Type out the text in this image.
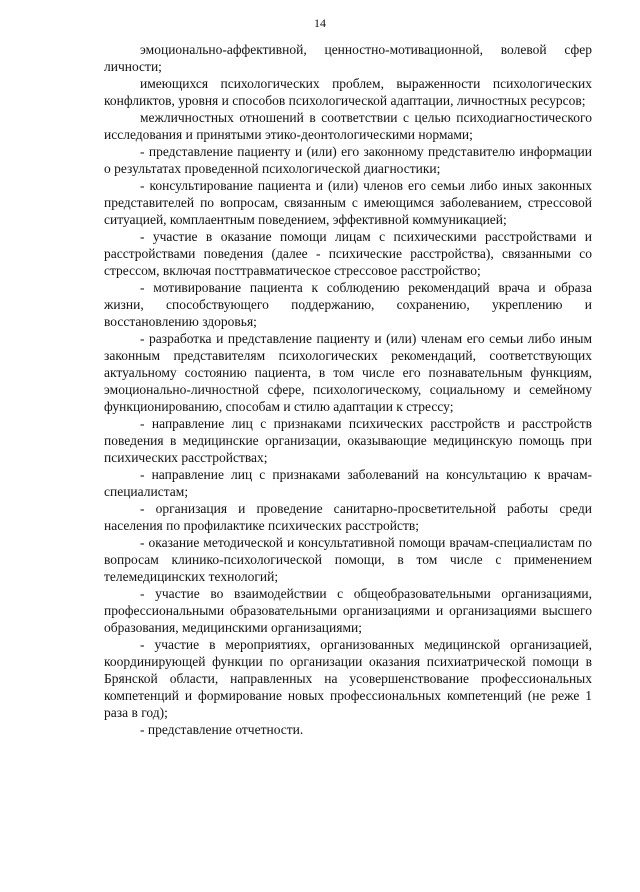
14

эмоционально-аффективной, ценностно-мотивационной, волевой сфер личности;

имеющихся психологических проблем, выраженности психологических конфликтов, уровня и способов психологической адаптации, личностных ресурсов;

межличностных отношений в соответствии с целью психодиагностического исследования и принятыми этико-деонтологическими нормами;

- представление пациенту и (или) его законному представителю информации о результатах проведенной психологической диагностики;

- консультирование пациента и (или) членов его семьи либо иных законных представителей по вопросам, связанным с имеющимся заболеванием, стрессовой ситуацией, комплаентным поведением, эффективной коммуникацией;

- участие в оказание помощи лицам с психическими расстройствами и расстройствами поведения (далее - психические расстройства), связанными со стрессом, включая посттравматическое стрессовое расстройство;

- мотивирование пациента к соблюдению рекомендаций врача и образа жизни, способствующего поддержанию, сохранению, укреплению и восстановлению здоровья;

- разработка и представление пациенту и (или) членам его семьи либо иным законным представителям психологических рекомендаций, соответствующих актуальному состоянию пациента, в том числе его познавательным функциям, эмоционально-личностной сфере, психологическому, социальному и семейному функционированию, способам и стилю адаптации к стрессу;

- направление лиц с признаками психических расстройств и расстройств поведения в медицинские организации, оказывающие медицинскую помощь при психических расстройствах;

- направление лиц с признаками заболеваний на консультацию к врачам-специалистам;

- организация и проведение санитарно-просветительной работы среди населения по профилактике психических расстройств;

- оказание методической и консультативной помощи врачам-специалистам по вопросам клинико-психологической помощи, в том числе с применением телемедицинских технологий;

- участие во взаимодействии с общеобразовательными организациями, профессиональными образовательными организациями и организациями высшего образования, медицинскими организациями;

- участие в мероприятиях, организованных медицинской организацией, координирующей функции по организации оказания психиатрической помощи в Брянской области, направленных на усовершенствование профессиональных компетенций и формирование новых профессиональных компетенций (не реже 1 раза в год);

- представление отчетности.
